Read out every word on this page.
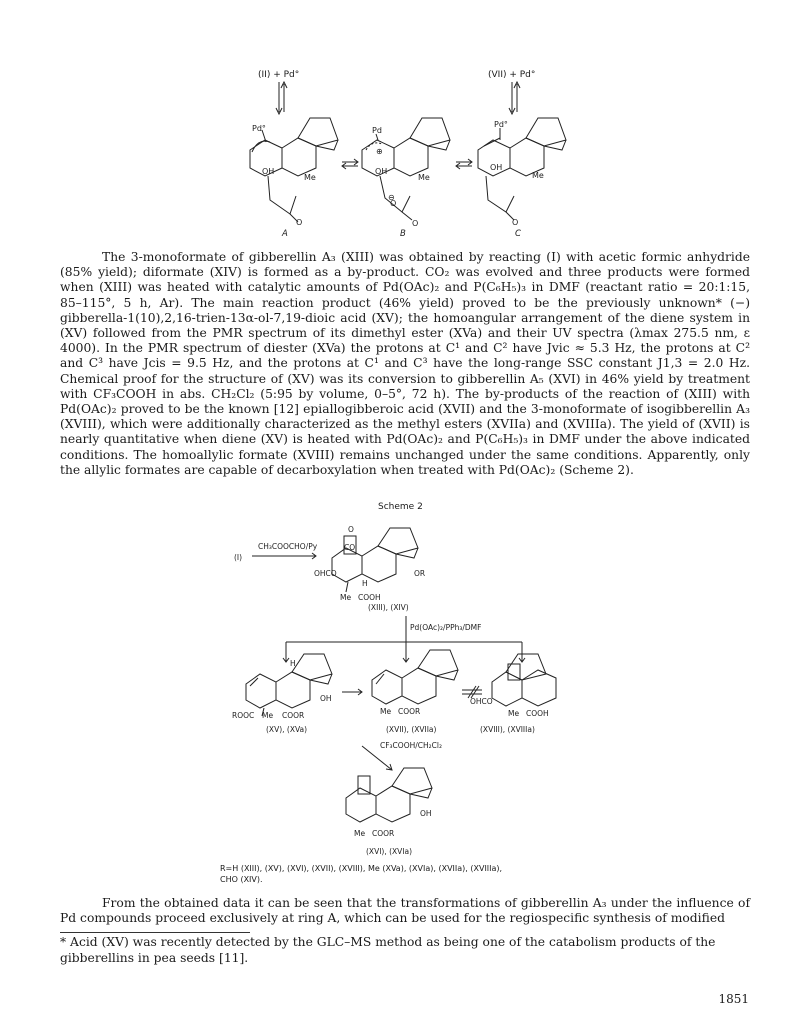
(II) + Pd°	(VII) + Pd°
Pd°	Pd
Pd°
OH
Me
OH
Me
OH
Me
O
O
O	O
⊕
⊖
A	B	C

The 3-monoformate of gibberellin A₃ (XIII) was obtained by reacting (I) with acetic formic anhydride (85% yield); diformate (XIV) is formed as a by-product. CO₂ was evolved and three products were formed when (XIII) was heated with catalytic amounts of Pd(OAc)₂ and P(C₆H₅)₃ in DMF (reactant ratio = 20:1:15, 85–115°, 5 h, Ar). The main reaction product (46% yield) proved to be the previously unknown* (−) gibberella-1(10),2,16-trien-13α-ol-7,19-dioic acid (XV); the homoangular arrangement of the diene system in (XV) followed from the PMR spectrum of its dimethyl ester (XVa) and their UV spectra (λmax 275.5 nm, ε 4000). In the PMR spectrum of diester (XVa) the protons at C¹ and C² have Jvic ≈ 5.3 Hz, the protons at C² and C³ have Jcis = 9.5 Hz, and the protons at C¹ and C³ have the long-range SSC constant J1,3 = 2.0 Hz. Chemical proof for the structure of (XV) was its conversion to gibberellin A₅ (XVI) in 46% yield by treatment with CF₃COOH in abs. CH₂Cl₂ (5:95 by volume, 0–5°, 72 h). The by-products of the reaction of (XIII) with Pd(OAc)₂ proved to be the known [12] epiallogibberoic acid (XVII) and the 3-monoformate of isogibberellin A₃ (XVIII), which were additionally characterized as the methyl esters (XVIIa) and (XVIIIa). The yield of (XVII) is nearly quantitative when diene (XV) is heated with Pd(OAc)₂ and P(C₆H₅)₃ in DMF under the above indicated conditions. The homoallylic formate (XVIII) remains unchanged under the same conditions. Apparently, only the allylic formates are capable of decarboxylation when treated with Pd(OAc)₂ (Scheme 2).

Scheme 2
CH₃COOCHO/Py
(I)
Pd(OAc)₂/PPh₃/DMF
CF₃COOH/CH₂Cl₂
(XIII), (XIV)
(XV), (XVa)	(XVII), (XVIIa)	(XVIII), (XVIIIa)
(XVI), (XVIa)
OHCO
Me COOH
OR
H
CO
O
ROOC Me COOR
H
OH
Me COOR
OHCO
Me COOH
Me COOR
OH
R=H (XIII), (XV), (XVI), (XVII), (XVIII), Me (XVa), (XVIa), (XVIIa), (XVIIIa),
CHO (XIV).

From the obtained data it can be seen that the transformations of gibberellin A₃ under the influence of Pd compounds proceed exclusively at ring A, which can be used for the regiospecific synthesis of modified

* Acid (XV) was recently detected by the GLC–MS method as being one of the catabolism products of the gibberellins in pea seeds [11].
1851
